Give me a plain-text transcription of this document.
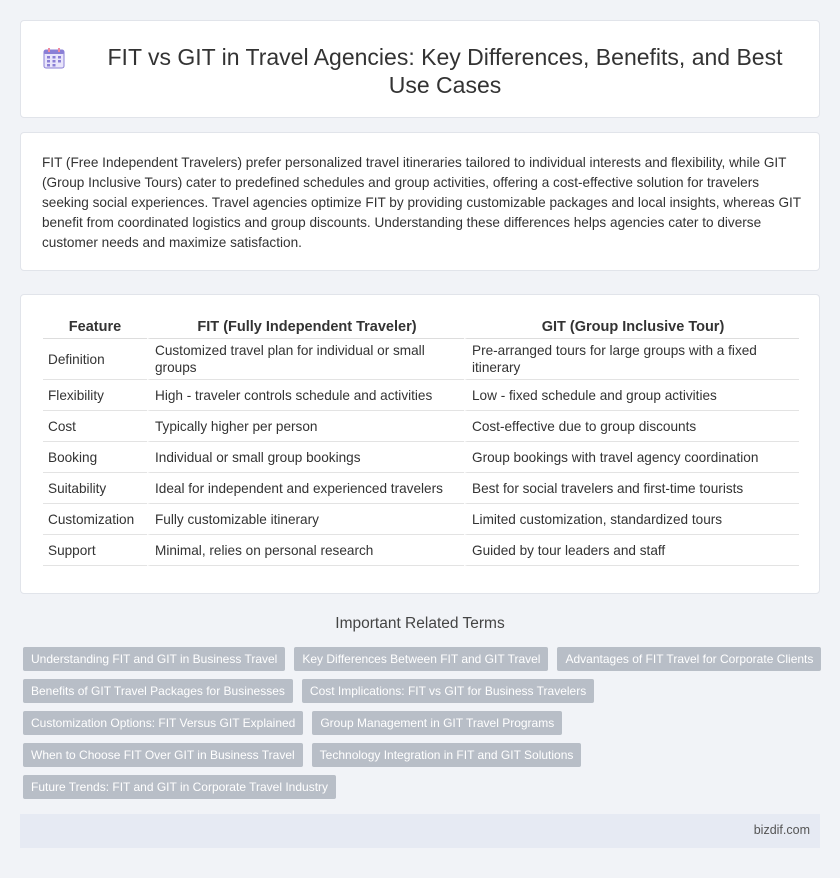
FIT vs GIT in Travel Agencies: Key Differences, Benefits, and Best Use Cases

FIT (Free Independent Travelers) prefer personalized travel itineraries tailored to individual interests and flexibility, while GIT (Group Inclusive Tours) cater to predefined schedules and group activities, offering a cost-effective solution for travelers seeking social experiences. Travel agencies optimize FIT by providing customizable packages and local insights, whereas GIT benefit from coordinated logistics and group discounts. Understanding these differences helps agencies cater to diverse customer needs and maximize satisfaction.

Feature	FIT (Fully Independent Traveler)	GIT (Group Inclusive Tour)
Definition	Customized travel plan for individual or small groups	Pre-arranged tours for large groups with a fixed itinerary
Flexibility	High - traveler controls schedule and activities	Low - fixed schedule and group activities
Cost	Typically higher per person	Cost-effective due to group discounts
Booking	Individual or small group bookings	Group bookings with travel agency coordination
Suitability	Ideal for independent and experienced travelers	Best for social travelers and first-time tourists
Customization	Fully customizable itinerary	Limited customization, standardized tours
Support	Minimal, relies on personal research	Guided by tour leaders and staff
Important Related Terms
Understanding FIT and GIT in Business Travel	Key Differences Between FIT and GIT Travel	Advantages of FIT Travel for Corporate Clients
Benefits of GIT Travel Packages for Businesses	Cost Implications: FIT vs GIT for Business Travelers
Customization Options: FIT Versus GIT Explained	Group Management in GIT Travel Programs
When to Choose FIT Over GIT in Business Travel	Technology Integration in FIT and GIT Solutions
Future Trends: FIT and GIT in Corporate Travel Industry
bizdif.com
